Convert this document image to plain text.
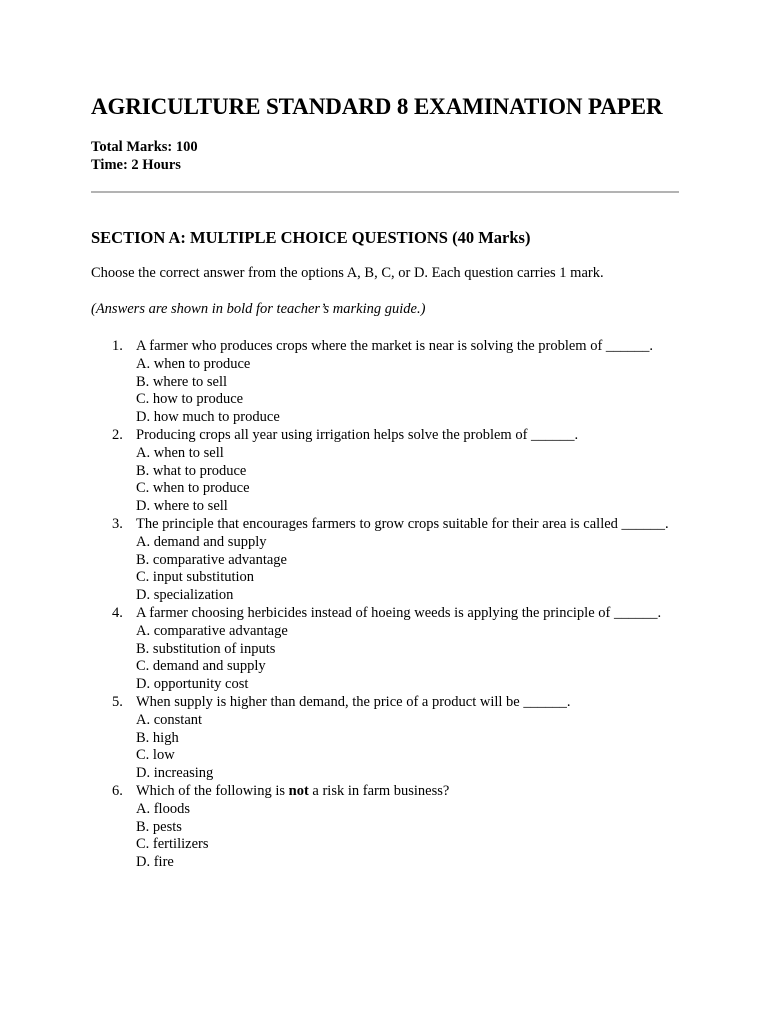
AGRICULTURE STANDARD 8 EXAMINATION PAPER
Total Marks: 100
Time: 2 Hours
SECTION A: MULTIPLE CHOICE QUESTIONS (40 Marks)
Choose the correct answer from the options A, B, C, or D. Each question carries 1 mark.
(Answers are shown in bold for teacher’s marking guide.)
1. A farmer who produces crops where the market is near is solving the problem of ______.
A. when to produce
B. where to sell
C. how to produce
D. how much to produce
2. Producing crops all year using irrigation helps solve the problem of ______.
A. when to sell
B. what to produce
C. when to produce
D. where to sell
3. The principle that encourages farmers to grow crops suitable for their area is called ______.
A. demand and supply
B. comparative advantage
C. input substitution
D. specialization
4. A farmer choosing herbicides instead of hoeing weeds is applying the principle of ______.
A. comparative advantage
B. substitution of inputs
C. demand and supply
D. opportunity cost
5. When supply is higher than demand, the price of a product will be ______.
A. constant
B. high
C. low
D. increasing
6. Which of the following is not a risk in farm business?
A. floods
B. pests
C. fertilizers
D. fire
